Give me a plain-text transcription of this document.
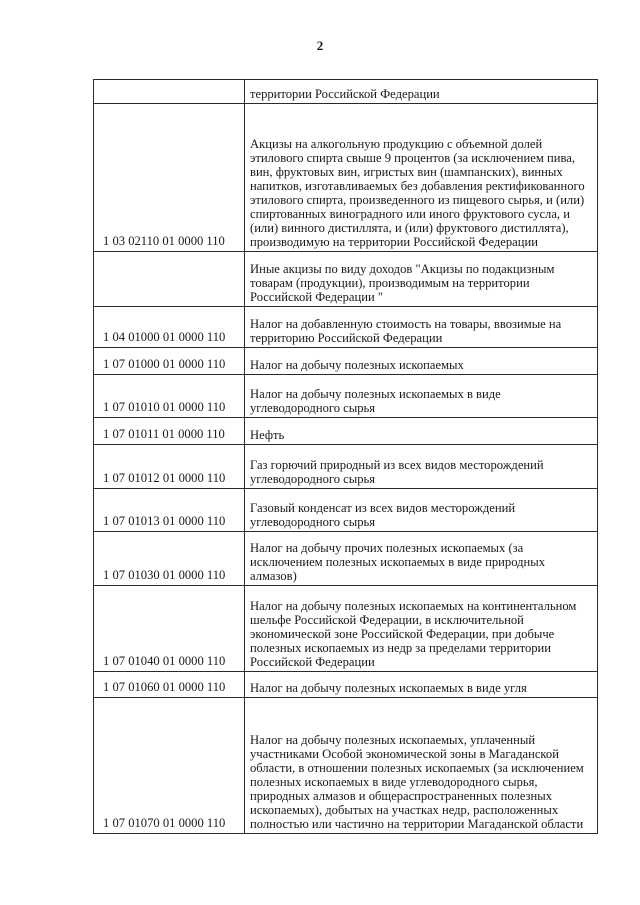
2
	территории Российской Федерации
1 03 02110 01 0000 110	Акцизы на алкогольную продукцию с объемной долей этилового спирта свыше 9 процентов (за исключением пива, вин, фруктовых вин, игристых вин (шампанских), винных напитков, изготавливаемых без добавления ректификованного этилового спирта, произведенного из пищевого сырья, и (или) спиртованных виноградного или иного фруктового сусла, и (или) винного дистиллята, и (или) фруктового дистиллята), производимую на территории Российской Федерации
	Иные акцизы по виду доходов "Акцизы по подакцизным товарам (продукции), производимым на территории Российской Федерации "
1 04 01000 01 0000 110	Налог на добавленную стоимость на товары, ввозимые на территорию Российской Федерации
1 07 01000 01 0000 110	Налог на добычу полезных ископаемых
1 07 01010 01 0000 110	Налог на добычу полезных ископаемых в виде углеводородного сырья
1 07 01011 01 0000 110	Нефть
1 07 01012 01 0000 110	Газ горючий природный из всех видов месторождений углеводородного сырья
1 07 01013 01 0000 110	Газовый конденсат из всех видов месторождений углеводородного сырья
1 07 01030 01 0000 110	Налог на добычу прочих полезных ископаемых (за исключением полезных ископаемых в виде природных алмазов)
1 07 01040 01 0000 110	Налог на добычу полезных ископаемых на континентальном шельфе Российской Федерации, в исключительной экономической зоне Российской Федерации, при добыче полезных ископаемых из недр за пределами территории Российской Федерации
1 07 01060 01 0000 110	Налог на добычу полезных ископаемых в виде угля
1 07 01070 01 0000 110	Налог на добычу полезных ископаемых, уплаченный участниками Особой экономической зоны в Магаданской области, в отношении полезных ископаемых (за исключением полезных ископаемых в виде углеводородного сырья, природных алмазов и общераспространенных полезных ископаемых), добытых на участках недр, расположенных полностью или частично на территории Магаданской области
